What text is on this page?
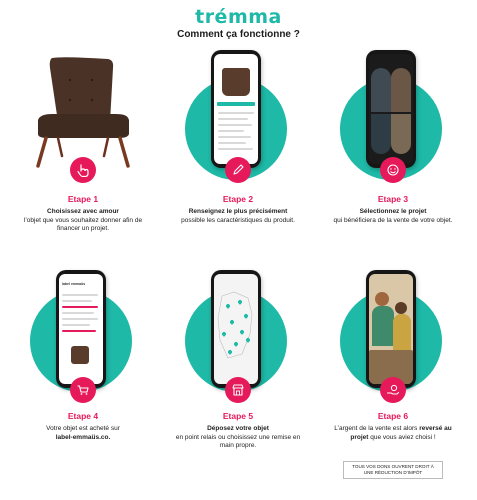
trémma
Comment ça fonctionne ?
Etape 1
Choisissez avec amour
l’objet que vous souhaitez donner afin de financer un projet.
Etape 2
Renseignez le plus précisément
possible les caractéristiques du produit.
Etape 3
Sélectionnez le projet
qui bénéficiera de la vente de votre objet.
label emmaüs
Etape 4
Votre objet est acheté sur
label-emmaüs.co.
Etape 5
Déposez votre objet
en point relais ou choisissez une remise en main propre.
Etape 6
L’argent de la vente est alors reversé au projet que vous aviez choisi !
TOUS VOS DONS OUVRENT DROIT À UNE RÉDUCTION D’IMPÔT
